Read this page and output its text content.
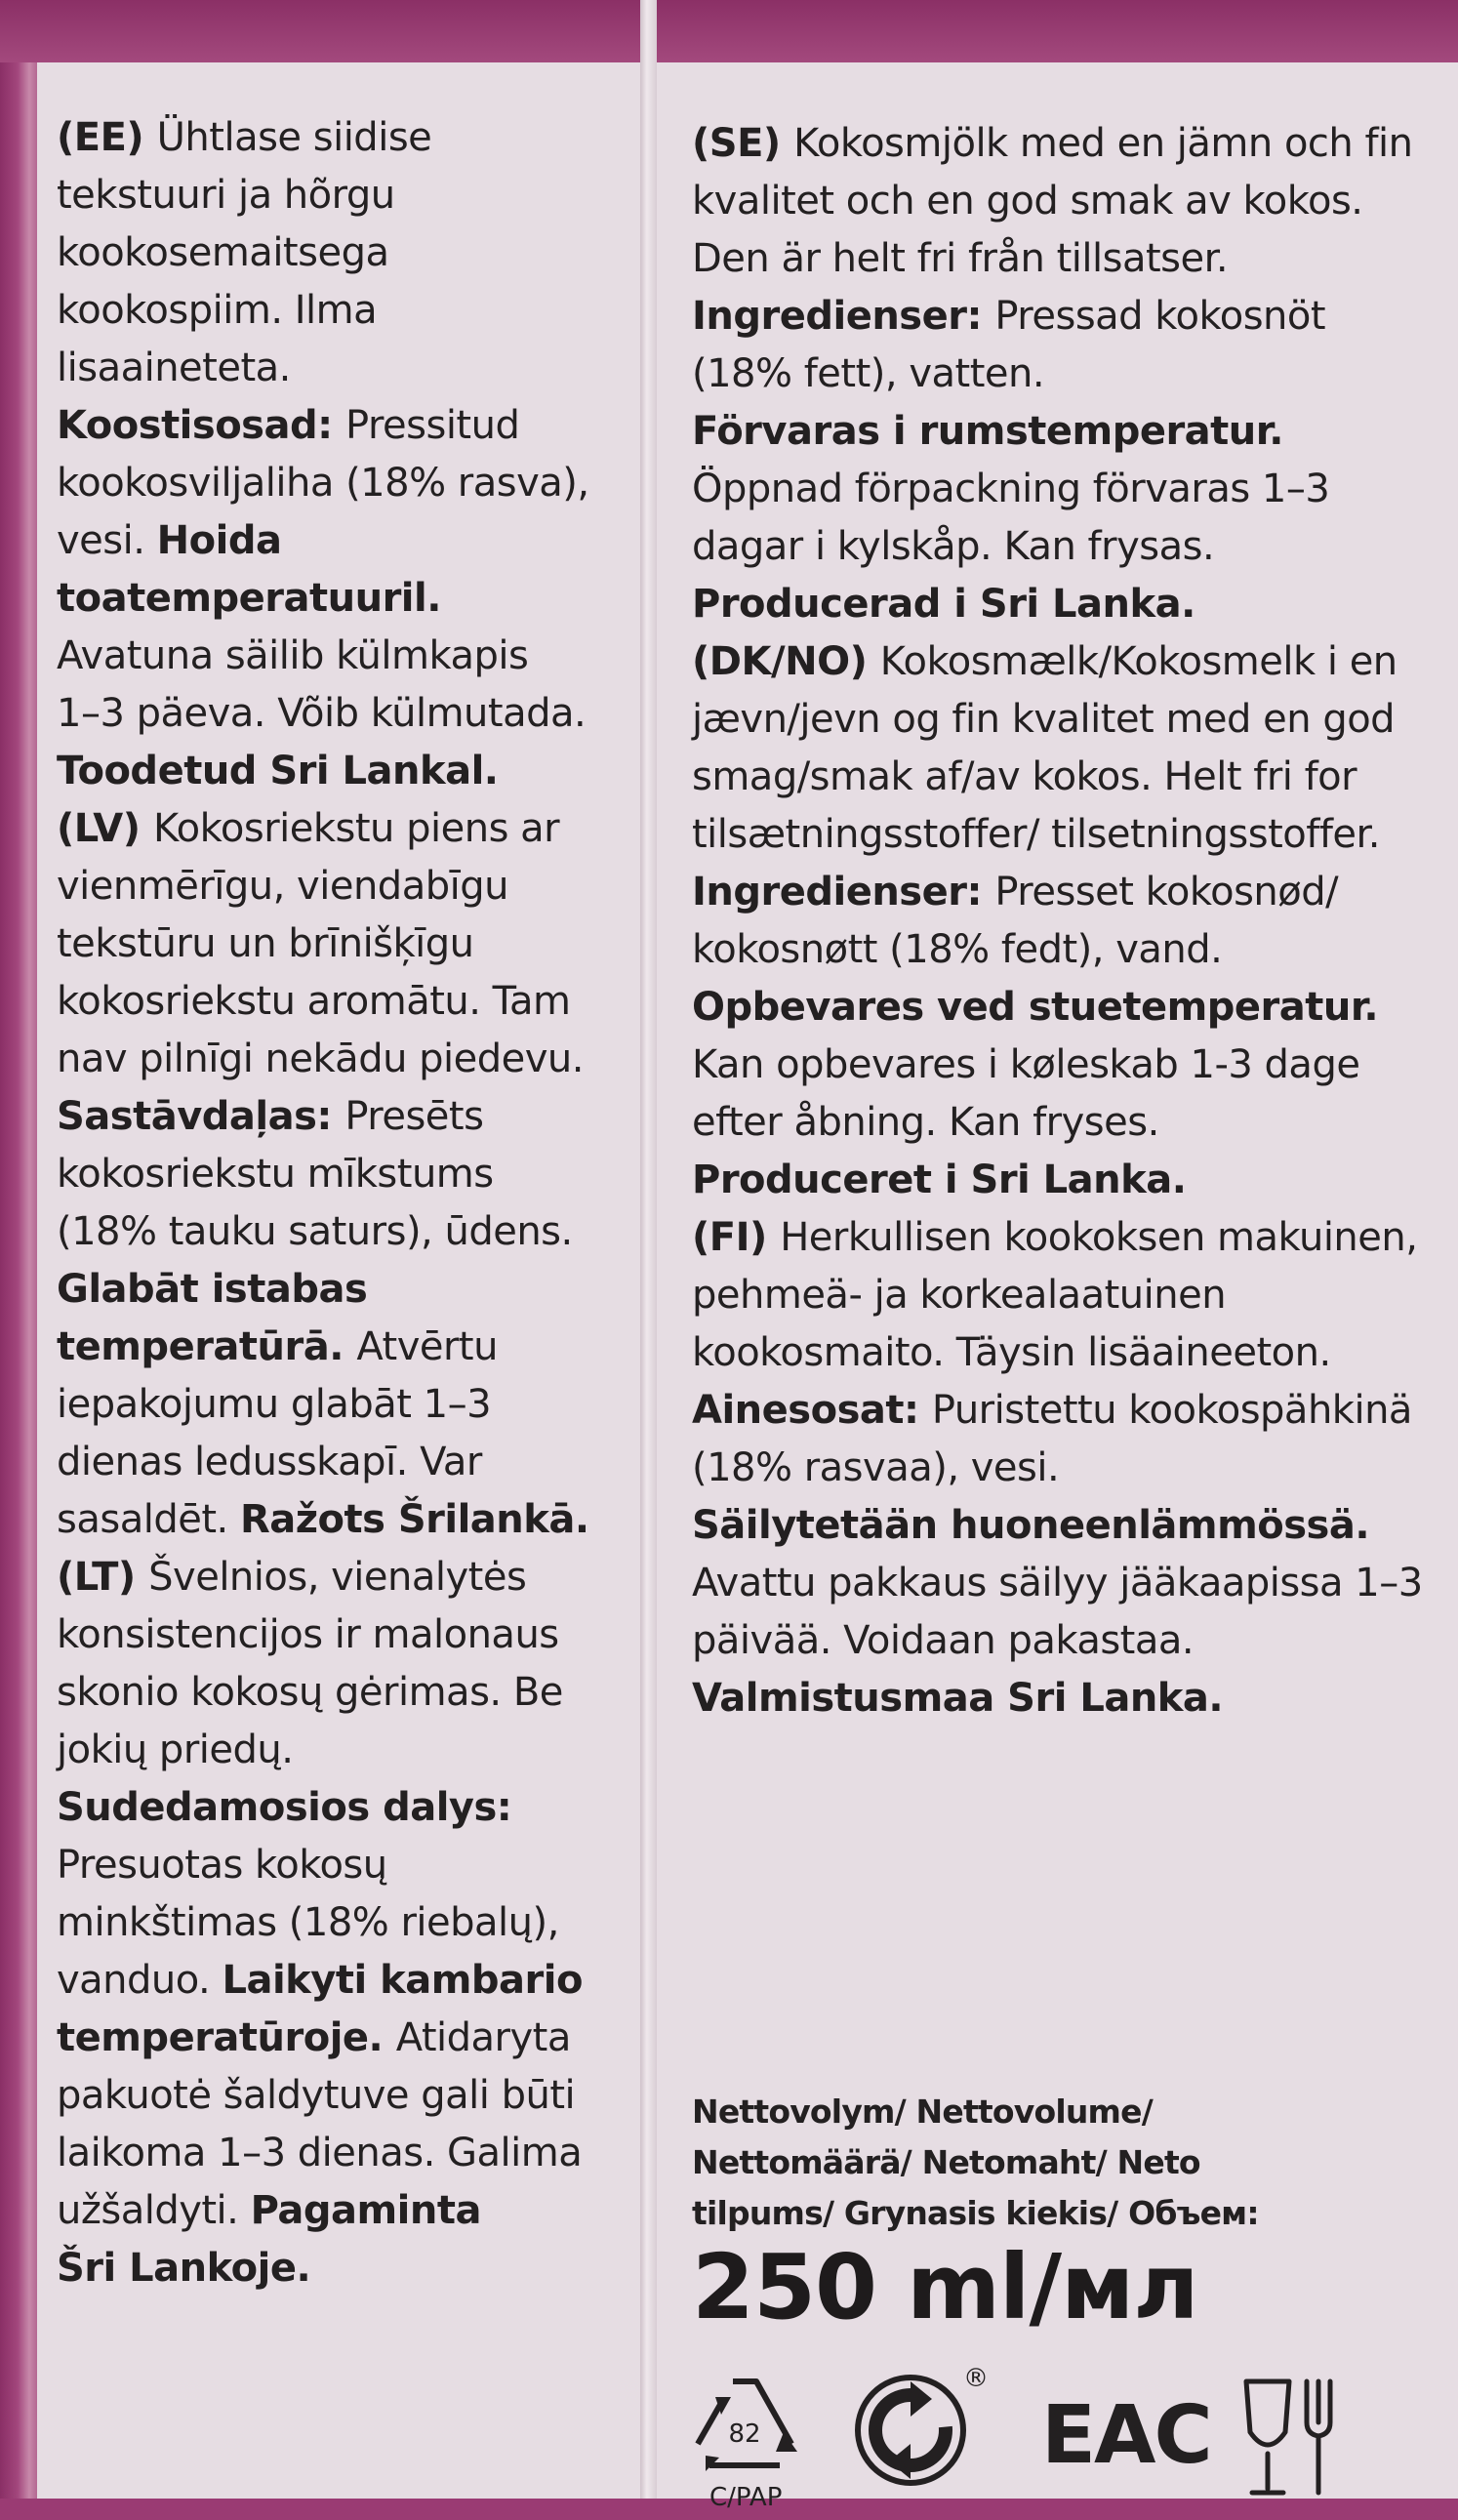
(EE) Ühtlase siidise
tekstuuri ja hõrgu
kookosemaitsega
kookospiim. Ilma
lisaaineteta.
Koostisosad: Pressitud
kookosviljaliha (18% rasva),
vesi. Hoida
toatemperatuuril.
Avatuna säilib külmkapis
1–3 päeva. Võib külmutada.
Toodetud Sri Lankal.
(LV) Kokosriekstu piens ar
vienmērīgu, viendabīgu
tekstūru un brīnišķīgu
kokosriekstu aromātu. Tam
nav pilnīgi nekādu piedevu.
Sastāvdaļas: Presēts
kokosriekstu mīkstums
(18% tauku saturs), ūdens.
Glabāt istabas
temperatūrā. Atvērtu
iepakojumu glabāt 1–3
dienas ledusskapī. Var
sasaldēt. Ražots Šrilankā.
(LT) Švelnios, vienalytės
konsistencijos ir malonaus
skonio kokosų gėrimas. Be
jokių priedų.
Sudedamosios dalys:
Presuotas kokosų
minkštimas (18% riebalų),
vanduo. Laikyti kambario
temperatūroje. Atidaryta
pakuotė šaldytuve gali būti
laikoma 1–3 dienas. Galima
užšaldyti. Pagaminta
Šri Lankoje.
(SE) Kokosmjölk med en jämn och fin
kvalitet och en god smak av kokos.
Den är helt fri från tillsatser.
Ingredienser: Pressad kokosnöt
(18% fett), vatten.
Förvaras i rumstemperatur.
Öppnad förpackning förvaras 1–3
dagar i kylskåp. Kan frysas.
Producerad i Sri Lanka.
(DK/NO) Kokosmælk/Kokosmelk i en
jævn/jevn og fin kvalitet med en god
smag/smak af/av kokos. Helt fri for
tilsætningsstoffer/ tilsetningsstoffer.
Ingredienser: Presset kokosnød/
kokosnøtt (18% fedt), vand.
Opbevares ved stuetemperatur.
Kan opbevares i køleskab 1-3 dage
efter åbning. Kan fryses.
Produceret i Sri Lanka.
(FI) Herkullisen kookoksen makuinen,
pehmeä- ja korkealaatuinen
kookosmaito. Täysin lisäaineeton.
Ainesosat: Puristettu kookospähkinä
(18% rasvaa), vesi.
Säilytetään huoneenlämmössä.
Avattu pakkaus säilyy jääkaapissa 1–3
päivää. Voidaan pakastaa.
Valmistusmaa Sri Lanka.
Nettovolym/ Nettovolume/
Nettomäärä/ Netomaht/ Neto
tilpums/ Grynasis kiekis/ Объем:
250 ml/мл
82
C/PAP
®
EAC
